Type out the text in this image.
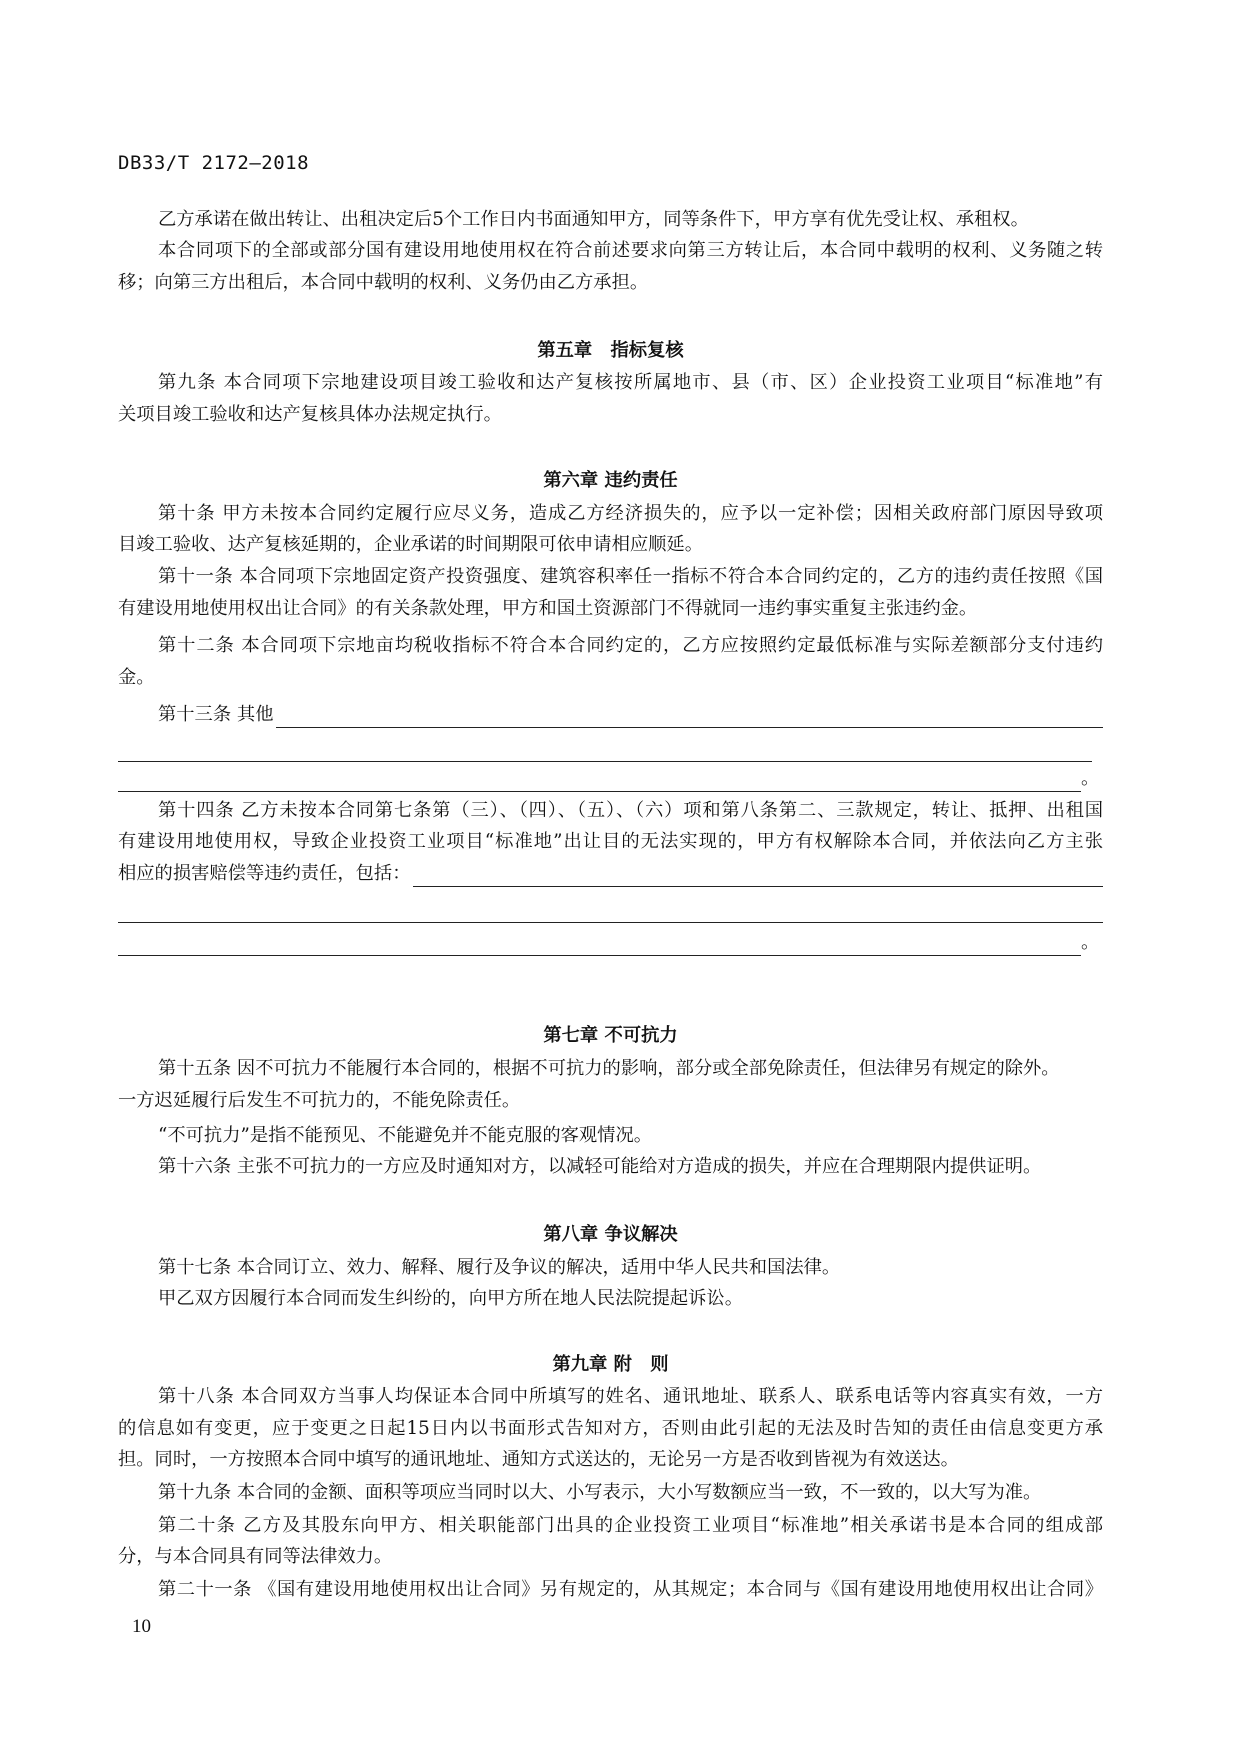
DB33/T 2172—2018
乙方承诺在做出转让、出租决定后5个工作日内书面通知甲方，同等条件下，甲方享有优先受让权、承租权。
本合同项下的全部或部分国有建设用地使用权在符合前述要求向第三方转让后，本合同中载明的权利、义务随之转
移；向第三方出租后，本合同中载明的权利、义务仍由乙方承担。
第五章　指标复核
第九条 本合同项下宗地建设项目竣工验收和达产复核按所属地市、县（市、区）企业投资工业项目“标准地”有
关项目竣工验收和达产复核具体办法规定执行。
第六章 违约责任
第十条 甲方未按本合同约定履行应尽义务，造成乙方经济损失的，应予以一定补偿；因相关政府部门原因导致项
目竣工验收、达产复核延期的，企业承诺的时间期限可依申请相应顺延。
第十一条 本合同项下宗地固定资产投资强度、建筑容积率任一指标不符合本合同约定的，乙方的违约责任按照《国
有建设用地使用权出让合同》的有关条款处理，甲方和国土资源部门不得就同一违约事实重复主张违约金。
第十二条 本合同项下宗地亩均税收指标不符合本合同约定的，乙方应按照约定最低标准与实际差额部分支付违约
金。
第十三条 其他
。
第十四条 乙方未按本合同第七条第（三）、（四）、（五）、（六）项和第八条第二、三款规定，转让、抵押、出租国
有建设用地使用权，导致企业投资工业项目“标准地”出让目的无法实现的，甲方有权解除本合同，并依法向乙方主张
相应的损害赔偿等违约责任，包括：
。
第七章 不可抗力
第十五条 因不可抗力不能履行本合同的，根据不可抗力的影响，部分或全部免除责任，但法律另有规定的除外。
一方迟延履行后发生不可抗力的，不能免除责任。
“不可抗力”是指不能预见、不能避免并不能克服的客观情况。
第十六条 主张不可抗力的一方应及时通知对方，以减轻可能给对方造成的损失，并应在合理期限内提供证明。
第八章 争议解决
第十七条 本合同订立、效力、解释、履行及争议的解决，适用中华人民共和国法律。
甲乙双方因履行本合同而发生纠纷的，向甲方所在地人民法院提起诉讼。
第九章 附　则
第十八条 本合同双方当事人均保证本合同中所填写的姓名、通讯地址、联系人、联系电话等内容真实有效，一方
的信息如有变更，应于变更之日起15日内以书面形式告知对方，否则由此引起的无法及时告知的责任由信息变更方承
担。同时，一方按照本合同中填写的通讯地址、通知方式送达的，无论另一方是否收到皆视为有效送达。
第十九条 本合同的金额、面积等项应当同时以大、小写表示，大小写数额应当一致，不一致的，以大写为准。
第二十条 乙方及其股东向甲方、相关职能部门出具的企业投资工业项目“标准地”相关承诺书是本合同的组成部
分，与本合同具有同等法律效力。
第二十一条 《国有建设用地使用权出让合同》另有规定的，从其规定；本合同与《国有建设用地使用权出让合同》
10
